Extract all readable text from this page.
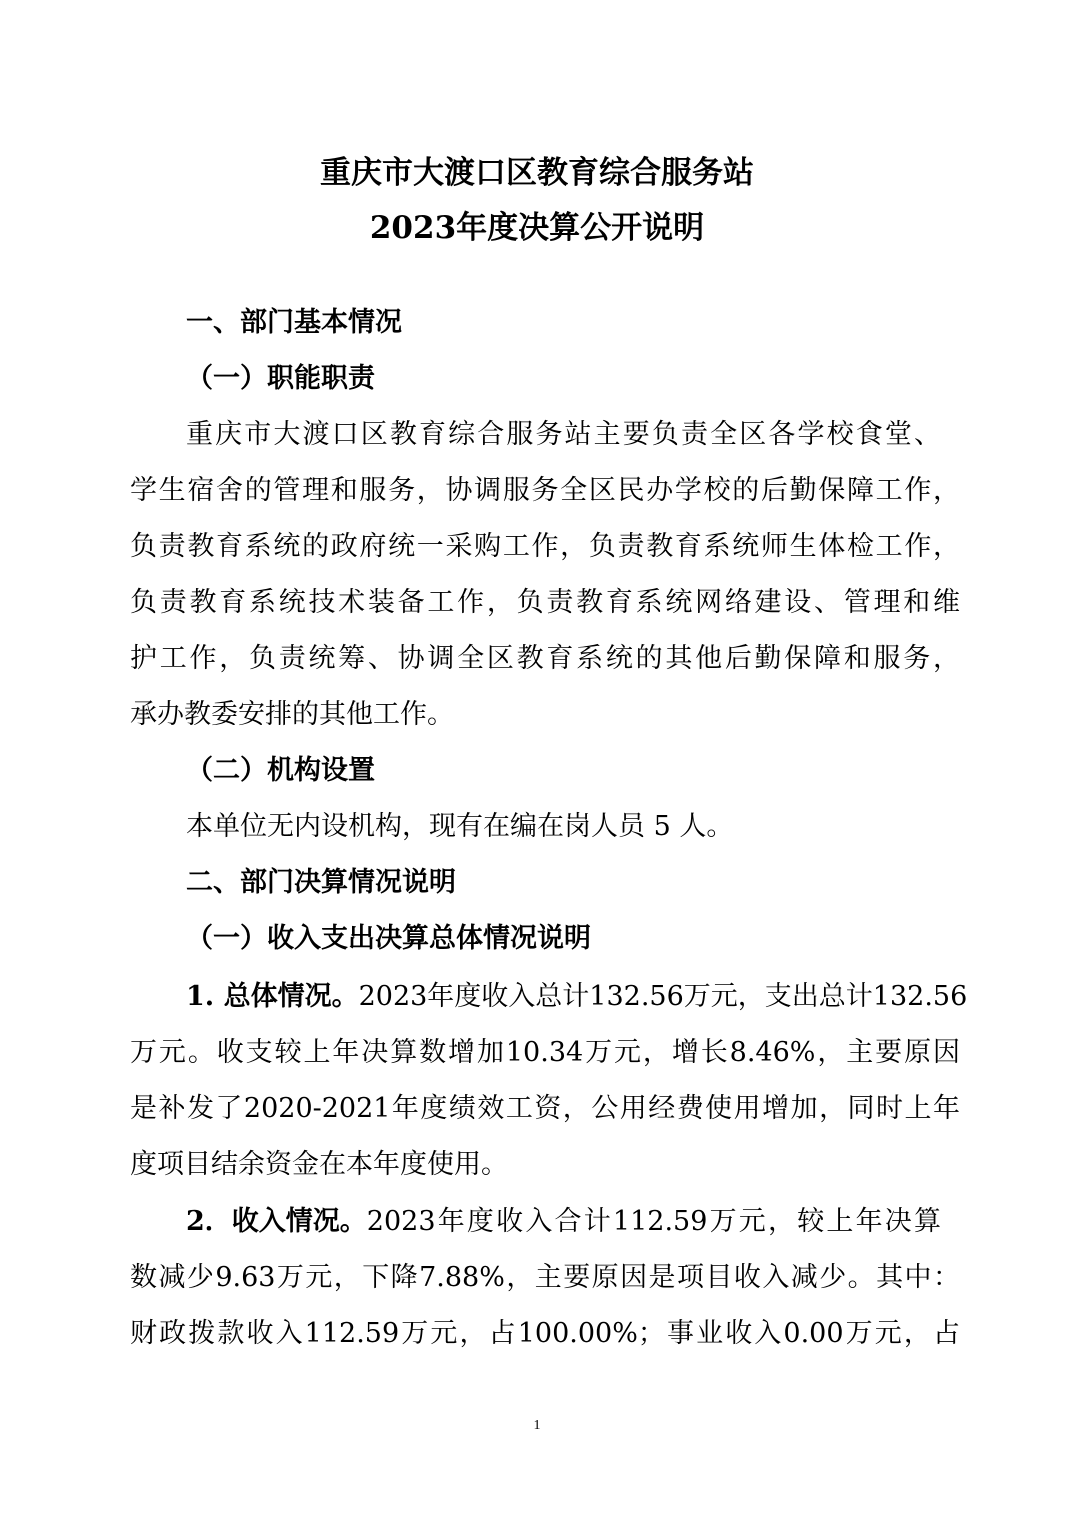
重庆市大渡口区教育综合服务站
2023年度决算公开说明
一、部门基本情况
（一）职能职责
重庆市大渡口区教育综合服务站主要负责全区各学校食堂、
学生宿舍的管理和服务，协调服务全区民办学校的后勤保障工作，
负责教育系统的政府统一采购工作，负责教育系统师生体检工作，
负责教育系统技术装备工作，负责教育系统网络建设、管理和维
护工作，负责统筹、协调全区教育系统的其他后勤保障和服务，
承办教委安排的其他工作。
（二）机构设置
本单位无内设机构，现有在编在岗人员 5 人。
二、部门决算情况说明
（一）收入支出决算总体情况说明
1. 总体情况。 2023年度收入总计132.56万元，支出总计132.56
万元。收支较上年决算数增加10.34万元，增长8.46%，主要原因
是补发了2020-2021年度绩效工资，公用经费使用增加，同时上年
度项目结余资金在本年度使用。
2．收入情况。 2023年度收入合计112.59万元，较上年决算
数减少9.63万元，下降7.88%，主要原因是项目收入减少。其中：
财政拨款收入112.59万元，占100.00%；事业收入0.00万元，占
1
